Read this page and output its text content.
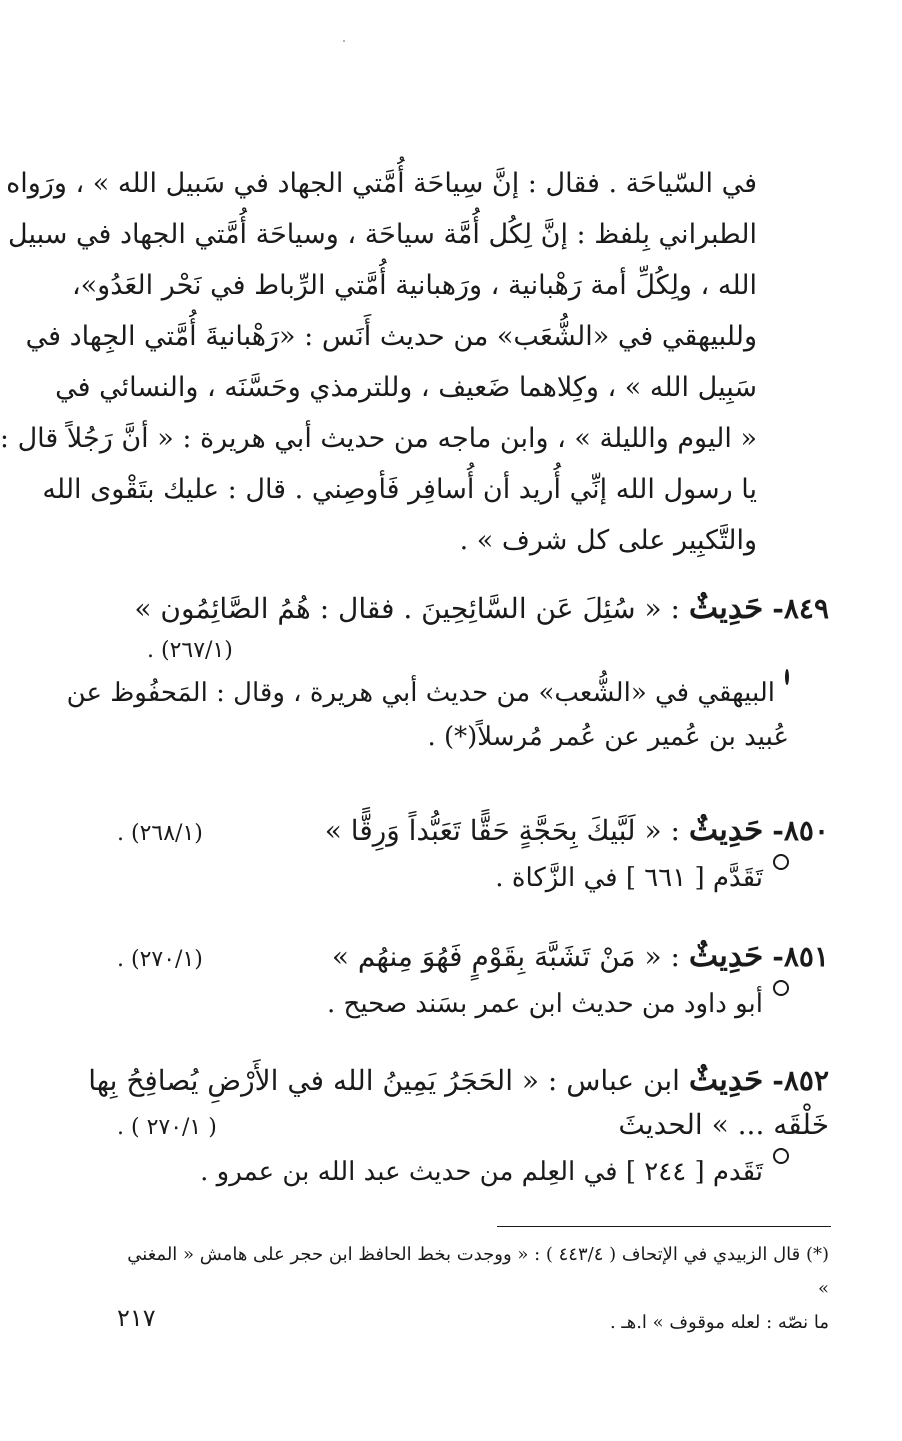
في السّياحَة . فقال : إنَّ سِياحَة أُمَّتي الجهاد في سَبيل الله » ، ورَواه
الطبراني بِلفظ : إنَّ لِكُل أُمَّة سياحَة ، وسياحَة أُمَّتي الجهاد في سبيل
الله ، ولِكُلِّ أمة رَهْبانية ، ورَهبانية أُمَّتي الرِّباط في نَحْر العَدُو»،
وللبيهقي في «الشُّعَب» من حديث أَنَس : «رَهْبانيةَ أُمَّتي الجِهاد في
سَبِيل الله » ، وكِلاهما ضَعيف ، وللترمذي وحَسَّنَه ، والنسائي في
« اليوم والليلة » ، وابن ماجه من حديث أبي هريرة : « أنَّ رَجُلاً قال :
يا رسول الله إنِّي أُريد أن أُسافِر فَأوصِني . قال : عليك بتَقْوى الله
والتَّكبِير على كل شرف » .
٨٤٩-

حَدِيثٌ

: « سُئِلَ عَن السَّائِحِينَ . فقال : هُمُ الصَّائِمُون »
(٢٦٧/١) .
البيهقي في «الشُّعب» من حديث أبي هريرة ، وقال : المَحفُوظ عن
عُبيد بن عُمير عن عُمر مُرسلاً(*) .
٨٥٠-

حَدِيثٌ

: « لَبَّيكَ بِحَجَّةٍ حَقًّا تَعَبُّداً وَرِقًّا »
(٢٦٨/١) .
تَقَدَّم [ ٦٦١ ] في الزَّكاة .
٨٥١-

حَدِيثٌ

: « مَنْ تَشَبَّهَ بِقَوْمٍ فَهُوَ مِنهُم »
(٢٧٠/١) .
أبو داود من حديث ابن عمر بسَند صحيح .
٨٥٢-

حَدِيثٌ

ابن عباس : « الحَجَرُ يَمِينُ الله في الأَرْضِ يُصافِحُ بِها
خَلْقَه ... » الحديثَ
( ٢٧٠/١ ) .
تَقَدم [ ٢٤٤ ] في العِلم من حديث عبد الله بن عمرو .
(*) قال الزبيدي في الإتحاف ( ٤٤٣/٤ ) : « ووجدت بخط الحافظ ابن حجر على هامش « المغني »
ما نصّه : لعله موقوف » ا.هـ .
٢١٧
